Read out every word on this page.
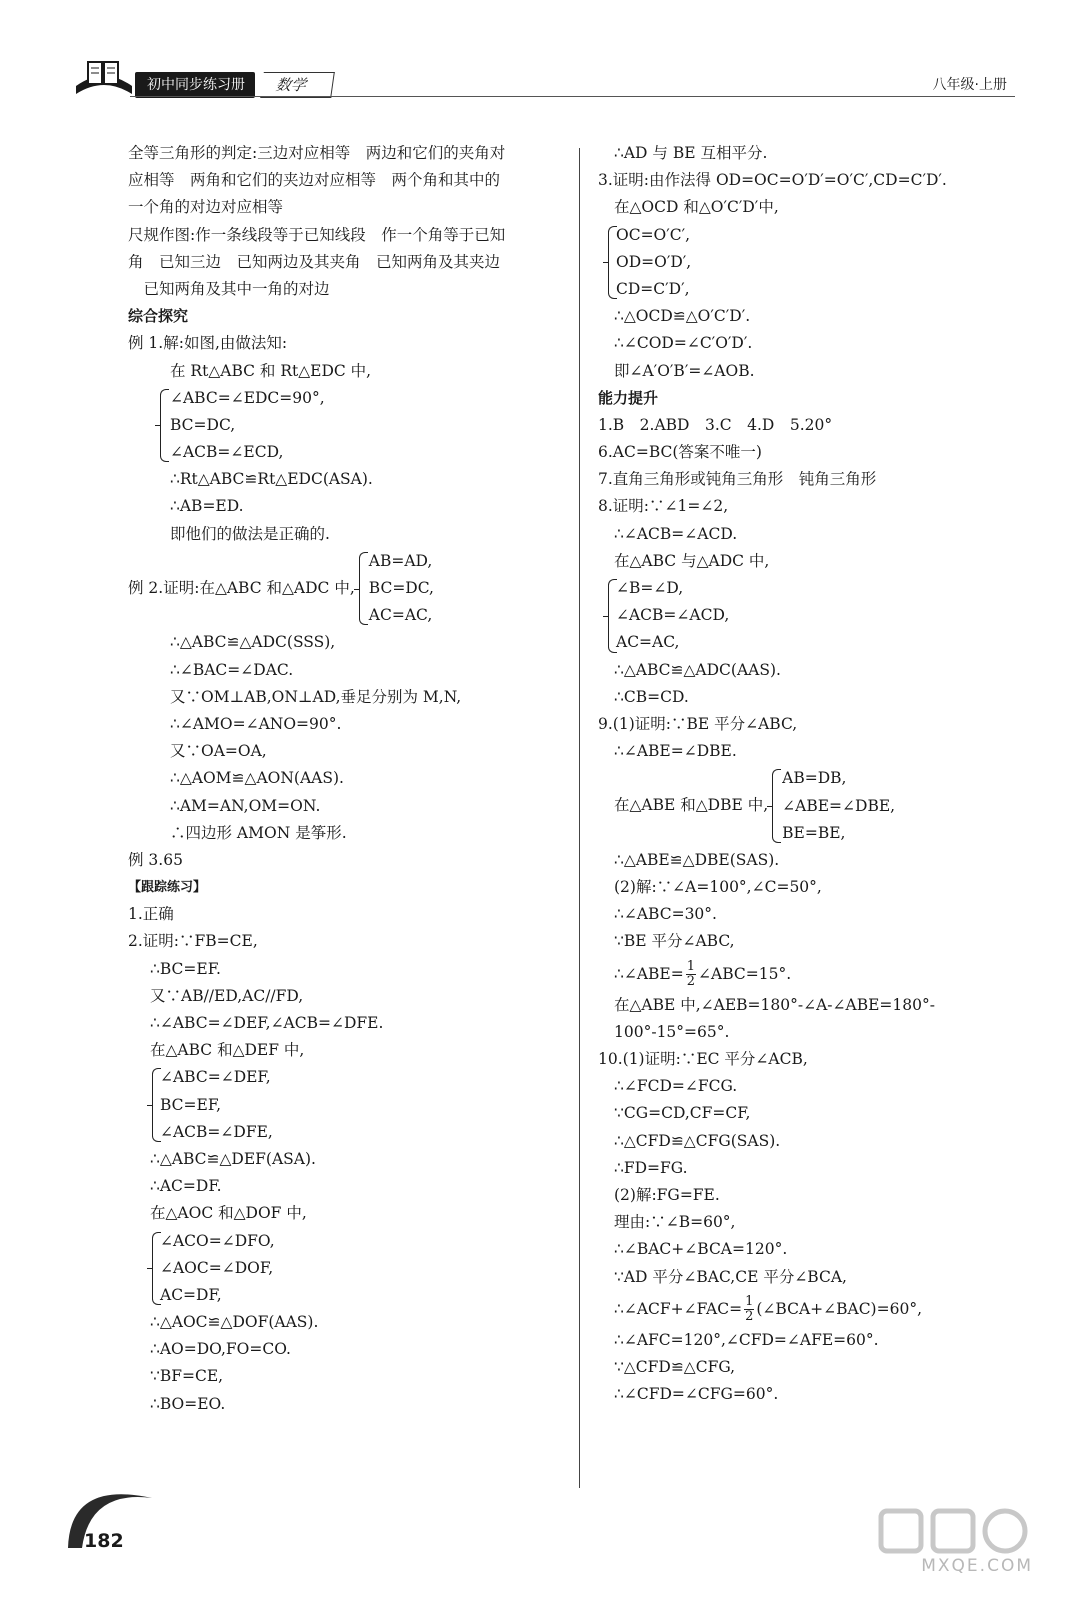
初中同步练习册	数学	八年级·上册
全等三角形的判定:三边对应相等　两边和它们的夹角对
应相等　两角和它们的夹边对应相等　两个角和其中的
一个角的对边对应相等
尺规作图:作一条线段等于已知线段　作一个角等于已知
角　已知三边　已知两边及其夹角　已知两角及其夹边
　已知两角及其中一角的对边
综合探究
例 1.解:如图,由做法知:
在 Rt△ABC 和 Rt△EDC 中,
∠ABC=∠EDC=90°,
BC=DC,
∠ACB=∠ECD,
∴Rt△ABC≌Rt△EDC(ASA).
∴AB=ED.
即他们的做法是正确的.
例 2.证明:在△ABC 和△ADC 中,
AB=AD,
BC=DC,
AC=AC,
∴△ABC≌△ADC(SSS),
∴∠BAC=∠DAC.
又∵OM⊥AB,ON⊥AD,垂足分别为 M,N,
∴∠AMO=∠ANO=90°.
又∵OA=OA,
∴△AOM≌△AON(AAS).
∴AM=AN,OM=ON.
∴四边形 AMON 是筝形.
例 3.65
【跟踪练习】
1.正确
2.证明:∵FB=CE,
∴BC=EF.
又∵AB//ED,AC//FD,
∴∠ABC=∠DEF,∠ACB=∠DFE.
在△ABC 和△DEF 中,
∠ABC=∠DEF,
BC=EF,
∠ACB=∠DFE,
∴△ABC≌△DEF(ASA).
∴AC=DF.
在△AOC 和△DOF 中,
∠ACO=∠DFO,
∠AOC=∠DOF,
AC=DF,
∴△AOC≌△DOF(AAS).
∴AO=DO,FO=CO.
∵BF=CE,
∴BO=EO.
∴AD 与 BE 互相平分.
3.证明:由作法得 OD=OC=O′D′=O′C′,CD=C′D′.
在△OCD 和△O′C′D′中,
OC=O′C′,
OD=O′D′,
CD=C′D′,
∴△OCD≌△O′C′D′.
∴∠COD=∠C′O′D′.
即∠A′O′B′=∠AOB.
能力提升
1.B　2.ABD　3.C　4.D　5.20°
6.AC=BC(答案不唯一)
7.直角三角形或钝角三角形　钝角三角形
8.证明:∵∠1=∠2,
∴∠ACB=∠ACD.
在△ABC 与△ADC 中,
∠B=∠D,
∠ACB=∠ACD,
AC=AC,
∴△ABC≌△ADC(AAS).
∴CB=CD.
9.(1)证明:∵BE 平分∠ABC,
∴∠ABE=∠DBE.
在△ABE 和△DBE 中,
AB=DB,
∠ABE=∠DBE,
BE=BE,
∴△ABE≌△DBE(SAS).
(2)解:∵∠A=100°,∠C=50°,
∴∠ABC=30°.
∵BE 平分∠ABC,
∴∠ABE= $\frac{1}{2}$ ∠ABC=15°.
在△ABE 中,∠AEB=180°-∠A-∠ABE=180°-
100°-15°=65°.
10.(1)证明:∵EC 平分∠ACB,
∴∠FCD=∠FCG.
∵CG=CD,CF=CF,
∴△CFD≌△CFG(SAS).
∴FD=FG.
(2)解:FG=FE.
理由:∵∠B=60°,
∴∠BAC+∠BCA=120°.
∵AD 平分∠BAC,CE 平分∠BCA,
∴∠ACF+∠FAC= $\frac{1}{2}$ (∠BCA+∠BAC)=60°,
∴∠AFC=120°,∠CFD=∠AFE=60°.
∵△CFD≌△CFG,
∴∠CFD=∠CFG=60°.
182
MXQE.COM
